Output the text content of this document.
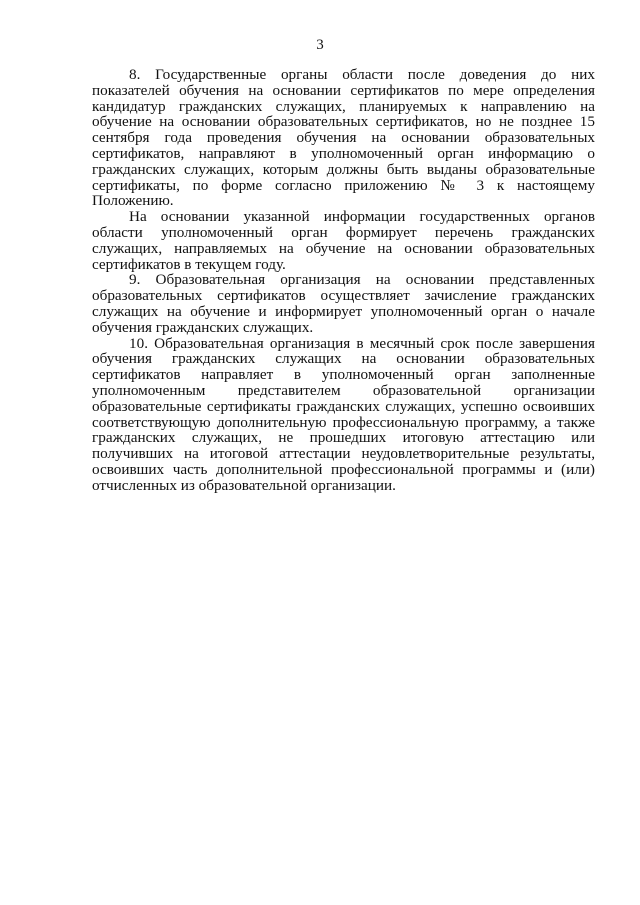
3

8. Государственные органы области после доведения до них показателей обучения на основании сертификатов по мере определения кандидатур гражданских служащих, планируемых к направлению на обучение на основании образовательных сертификатов, но не позднее 15 сентября года проведения обучения на основании образовательных сертификатов, направляют в уполномоченный орган информацию о гражданских служащих, которым должны быть выданы образовательные сертификаты, по форме согласно приложению № 3 к настоящему Положению.

На основании указанной информации государственных органов области уполномоченный орган формирует перечень гражданских служащих, направляемых на обучение на основании образовательных сертификатов в текущем году.

9. Образовательная организация на основании представленных образовательных сертификатов осуществляет зачисление гражданских служащих на обучение и информирует уполномоченный орган о начале обучения гражданских служащих.

10. Образовательная организация в месячный срок после завершения обучения гражданских служащих на основании образовательных сертификатов направляет в уполномоченный орган заполненные уполномоченным представителем образовательной организации образовательные сертификаты гражданских служащих, успешно освоивших соответствующую дополнительную профессиональную программу, а также гражданских служащих, не прошедших итоговую аттестацию или получивших на итоговой аттестации неудовлетворительные результаты, освоивших часть дополнительной профессиональной программы и (или) отчисленных из образовательной организации.
